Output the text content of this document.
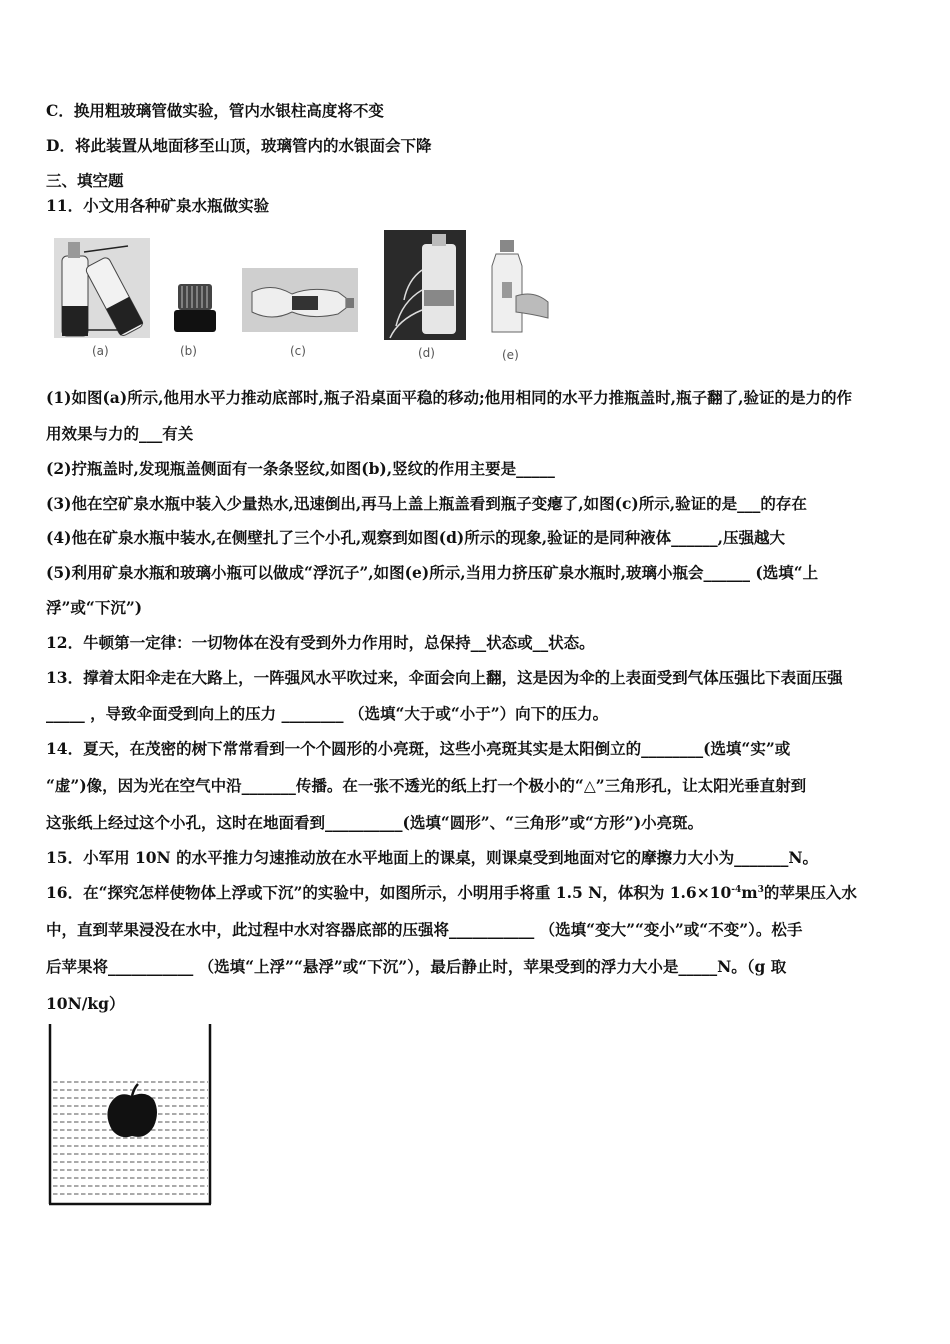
C．换用粗玻璃管做实验，管内水银柱高度将不变
D．将此装置从地面移至山顶，玻璃管内的水银面会下降
三、填空题
11．小文用各种矿泉水瓶做实验
(a)	(b)	(c)	(d)	(e)
(1)如图(a)所示,他用水平力推动底部时,瓶子沿桌面平稳的移动;他用相同的水平力推瓶盖时,瓶子翻了,验证的是力的作
用效果与力的___有关
(2)拧瓶盖时,发现瓶盖侧面有一条条竖纹,如图(b),竖纹的作用主要是_____
(3)他在空矿泉水瓶中装入少量热水,迅速倒出,再马上盖上瓶盖看到瓶子变瘪了,如图(c)所示,验证的是___的存在
(4)他在矿泉水瓶中装水,在侧壁扎了三个小孔,观察到如图(d)所示的现象,验证的是同种液体______,压强越大
(5)利用矿泉水瓶和玻璃小瓶可以做成“浮沉子”,如图(e)所示,当用力挤压矿泉水瓶时,玻璃小瓶会______ (选填“上
浮”或“下沉”)
12．牛顿第一定律：一切物体在没有受到外力作用时，总保持__状态或__状态。
13．撑着太阳伞走在大路上，一阵强风水平吹过来，伞面会向上翻，这是因为伞的上表面受到气体压强比下表面压强
_____ ，导致伞面受到向上的压力 ________ （选填“大于或“小于”）向下的压力。
14．夏天，在茂密的树下常常看到一个个圆形的小亮斑，这些小亮斑其实是太阳倒立的________(选填“实”或
“虚”)像，因为光在空气中沿_______传播。在一张不透光的纸上打一个极小的“△”三角形孔，让太阳光垂直射到
这张纸上经过这个小孔，这时在地面看到__________(选填“圆形”、“三角形”或“方形”)小亮斑。
15．小军用 10N 的水平推力匀速推动放在水平地面上的课桌，则课桌受到地面对它的摩擦力大小为_______N。
16．在“探究怎样使物体上浮或下沉”的实验中，如图所示，小明用手将重 1.5 N，体积为 $1.6\times 10^{-4}m^3$的苹果压入水
中，直到苹果浸没在水中，此过程中水对容器底部的压强将___________ （选填“变大”“变小”或“不变”）。松手
后苹果将___________ （选填“上浮”“悬浮”或“下沉”），最后静止时，苹果受到的浮力大小是_____N。（g 取
10N/kg）
